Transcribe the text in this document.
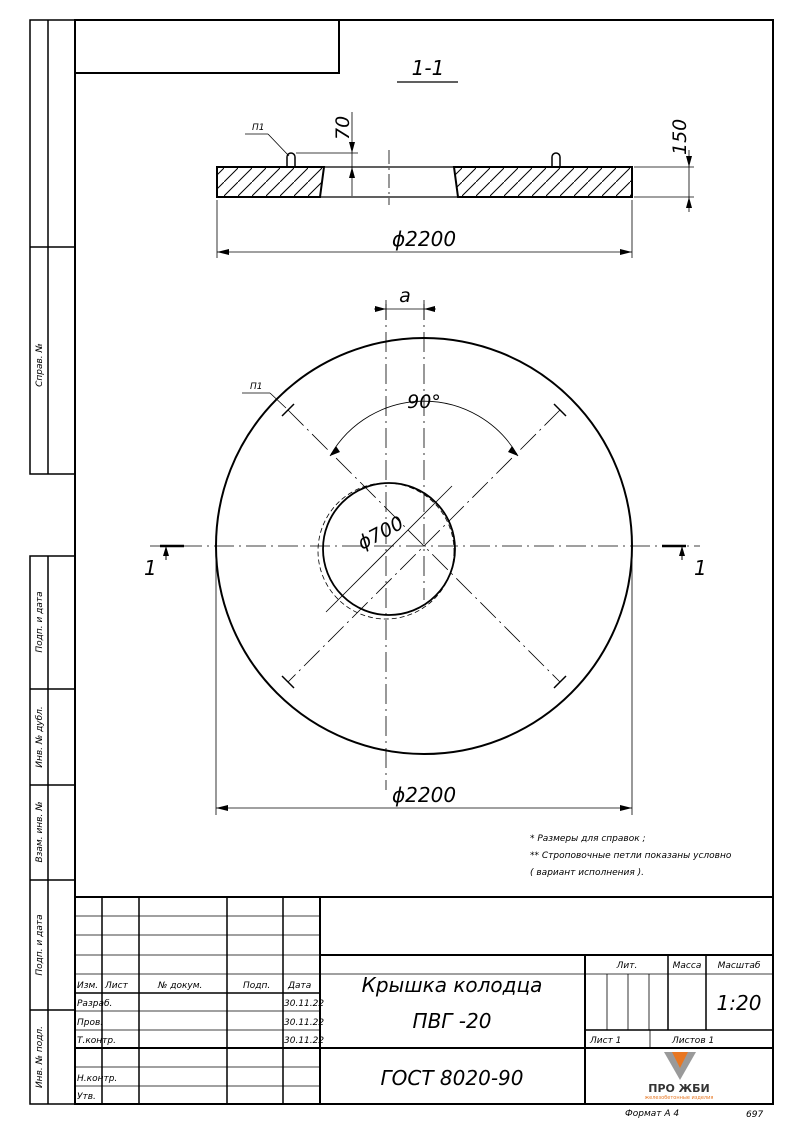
Справ. №
Подп. и дата
Инв. № дубл.
Взам. инв. №
Подп. и дата
Инв. № подл.
1-1
П1	70	150
ϕ2200
a
90°
П1
ϕ700
1	1
ϕ2200
* Размеры для справок ;
** Строповочные петли показаны условно
( вариант исполнения ).
Изм. Лист	№ докум.	Подп. Дата
Разраб.	30.11.22
Пров.	30.11.22
Т.контр.	30.11.22
Н.контр.
Утв.
Крышка колодца
ПВГ -20
ГОСТ 8020-90
Лит.	Масса Масштаб
1:20
Лист 1	Листов 1
ПРО ЖБИ
железобетонные изделия
Формат А 4	697
